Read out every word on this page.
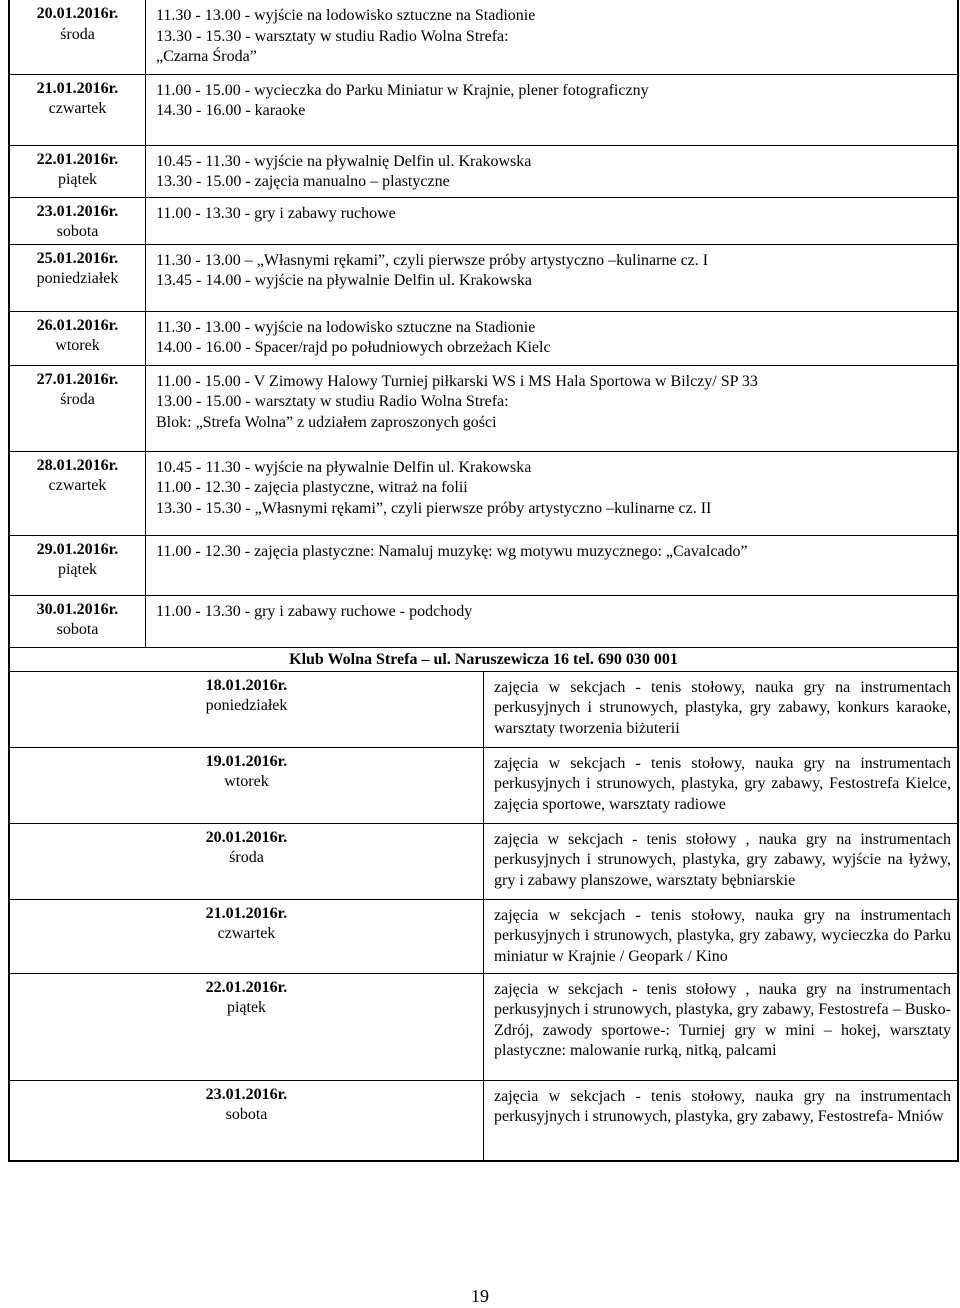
20.01.2016r.
środa	11.30 - 13.00 - wyjście na lodowisko sztuczne na Stadionie
13.30 - 15.30 - warsztaty w studiu Radio Wolna Strefa:
„Czarna Środa”

21.01.2016r.
czwartek	11.00 - 15.00 - wycieczka do Parku Miniatur w Krajnie, plener fotograficzny
14.30 - 16.00 - karaoke

22.01.2016r.
piątek	10.45 - 11.30 - wyjście na pływalnię Delfin ul. Krakowska
13.30 - 15.00 - zajęcia manualno – plastyczne

23.01.2016r.
sobota	11.00 - 13.30 - gry i zabawy ruchowe

25.01.2016r.
poniedziałek	11.30 - 13.00 – „Własnymi rękami”, czyli pierwsze próby artystyczno –kulinarne cz. I
13.45 - 14.00 - wyjście na pływalnie Delfin ul. Krakowska

26.01.2016r.
wtorek	11.30 - 13.00 - wyjście na lodowisko sztuczne na Stadionie
14.00 - 16.00 - Spacer/rajd po południowych obrzeżach Kielc

27.01.2016r.
środa	11.00 - 15.00 - V Zimowy Halowy Turniej piłkarski WS i MS Hala Sportowa w Bilczy/ SP 33
13.00 - 15.00 - warsztaty w studiu Radio Wolna Strefa:
Blok: „Strefa Wolna” z udziałem zaproszonych gości

28.01.2016r.
czwartek	10.45 - 11.30 - wyjście na pływalnie Delfin ul. Krakowska
11.00 - 12.30 - zajęcia plastyczne, witraż na folii
13.30 - 15.30 - „Własnymi rękami”, czyli pierwsze próby artystyczno –kulinarne cz. II

29.01.2016r.
piątek	11.00 - 12.30 - zajęcia plastyczne: Namaluj muzykę: wg motywu muzycznego: „Cavalcado”

30.01.2016r.
sobota	11.00 - 13.30 - gry i zabawy ruchowe - podchody
Klub Wolna Strefa – ul. Naruszewicza 16 tel. 690 030 001	

18.01.2016r.
poniedziałek	zajęcia w sekcjach - tenis stołowy, nauka gry na instrumentach perkusyjnych i strunowych, plastyka, gry zabawy, konkurs karaoke, warsztaty tworzenia biżuterii

19.01.2016r.
wtorek	zajęcia w sekcjach - tenis stołowy, nauka gry na instrumentach perkusyjnych i strunowych, plastyka, gry zabawy, Festostrefa Kielce, zajęcia sportowe, warsztaty radiowe

20.01.2016r.
środa	zajęcia w sekcjach - tenis stołowy , nauka gry na instrumentach perkusyjnych i strunowych, plastyka, gry zabawy, wyjście na łyżwy, gry i zabawy planszowe, warsztaty bębniarskie

21.01.2016r.
czwartek	zajęcia w sekcjach - tenis stołowy, nauka gry na instrumentach perkusyjnych i strunowych, plastyka, gry zabawy, wycieczka do Parku miniatur w Krajnie / Geopark / Kino

22.01.2016r.
piątek	zajęcia w sekcjach - tenis stołowy , nauka gry na instrumentach perkusyjnych i strunowych, plastyka, gry zabawy, Festostrefa – Busko-Zdrój, zawody sportowe-: Turniej gry w mini – hokej, warsztaty plastyczne: malowanie rurką, nitką, palcami

23.01.2016r.
sobota	zajęcia w sekcjach - tenis stołowy, nauka gry na instrumentach perkusyjnych i strunowych, plastyka, gry zabawy, Festostrefa- Mniów
19
